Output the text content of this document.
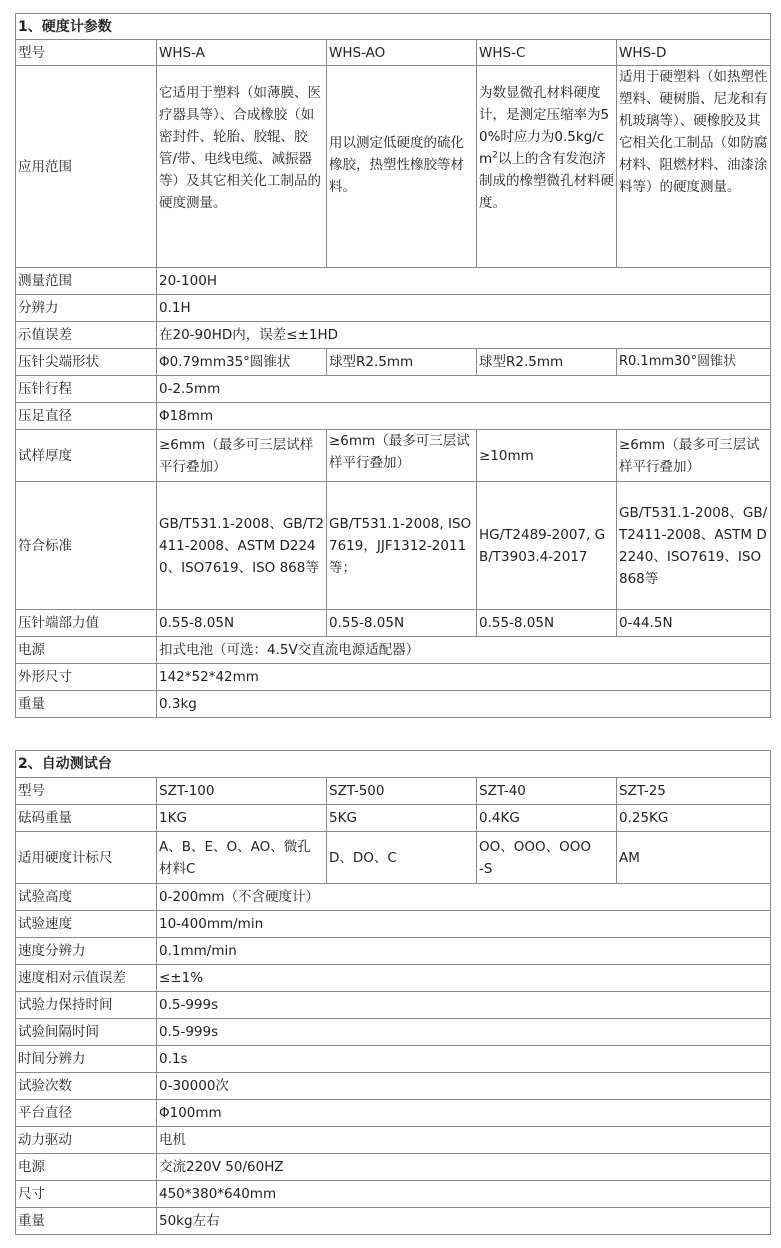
1、硬度计参数				
型号	WHS-A	WHS-AO	WHS-C	WHS-D
应用范围	它适用于塑料（如薄膜、医疗器具等）、合成橡胶（如密封件、轮胎、胶辊、胶管/带、电线电缆、减振器等）及其它相关化工制品的硬度测量。	用以测定低硬度的硫化橡胶，热塑性橡胶等材料。	为数显微孔材料硬度计，是测定压缩率为50%时应力为$0.5kg/cm^2$以上的含有发泡济制成的橡塑微孔材料硬度。	适用于硬塑料（如热塑性塑料、硬树脂、尼龙和有机玻璃等）、硬橡胶及其它相关化工制品（如防腐材料、阻燃材料、油漆涂料等）的硬度测量。
测量范围	20-100H			
分辨力	0.1H			
示值误差	在20-90HD内，误差≤±1HD			
压针尖端形状	Φ0.79mm35°圆锥状	球型R2.5mm	球型R2.5mm	R0.1mm30°圆锥状
压针行程	0-2.5mm			
压足直径	Φ18mm			
试样厚度	≥6mm（最多可三层试样平行叠加）	≥6mm（最多可三层试样平行叠加）	≥10mm	≥6mm（最多可三层试样平行叠加）
符合标准	GB/T531.1-2008、GB/T2411-2008、ASTM D2240、ISO7619、ISO 868等	GB/T531.1-2008, ISO7619，JJF1312-2011等；	HG/T2489-2007, GB/T3903.4-2017	GB/T531.1-2008、GB/T2411-2008、ASTM D2240、ISO7619、ISO 868等
压针端部力值	0.55-8.05N	0.55-8.05N	0.55-8.05N	0-44.5N
电源	扣式电池（可选：4.5V交直流电源适配器）			
外形尺寸	142*52*42mm			
重量	0.3kg			
2、自动测试台				
型号	SZT-100	SZT-500	SZT-40	SZT-25
砝码重量	1KG	5KG	0.4KG	0.25KG
适用硬度计标尺	A、B、E、O、AO、微孔材料C	D、DO、C	OO、OOO、OOO-S	AM
试验高度	0-200mm（不含硬度计）			
试验速度	10-400mm/min			
速度分辨力	0.1mm/min			
速度相对示值误差	≤±1%			
试验力保持时间	0.5-999s			
试验间隔时间	0.5-999s			
时间分辨力	0.1s			
试验次数	0-30000次			
平台直径	Φ100mm			
动力驱动	电机			
电源	交流220V 50/60HZ			
尺寸	450*380*640mm			
重量	50kg左右			
